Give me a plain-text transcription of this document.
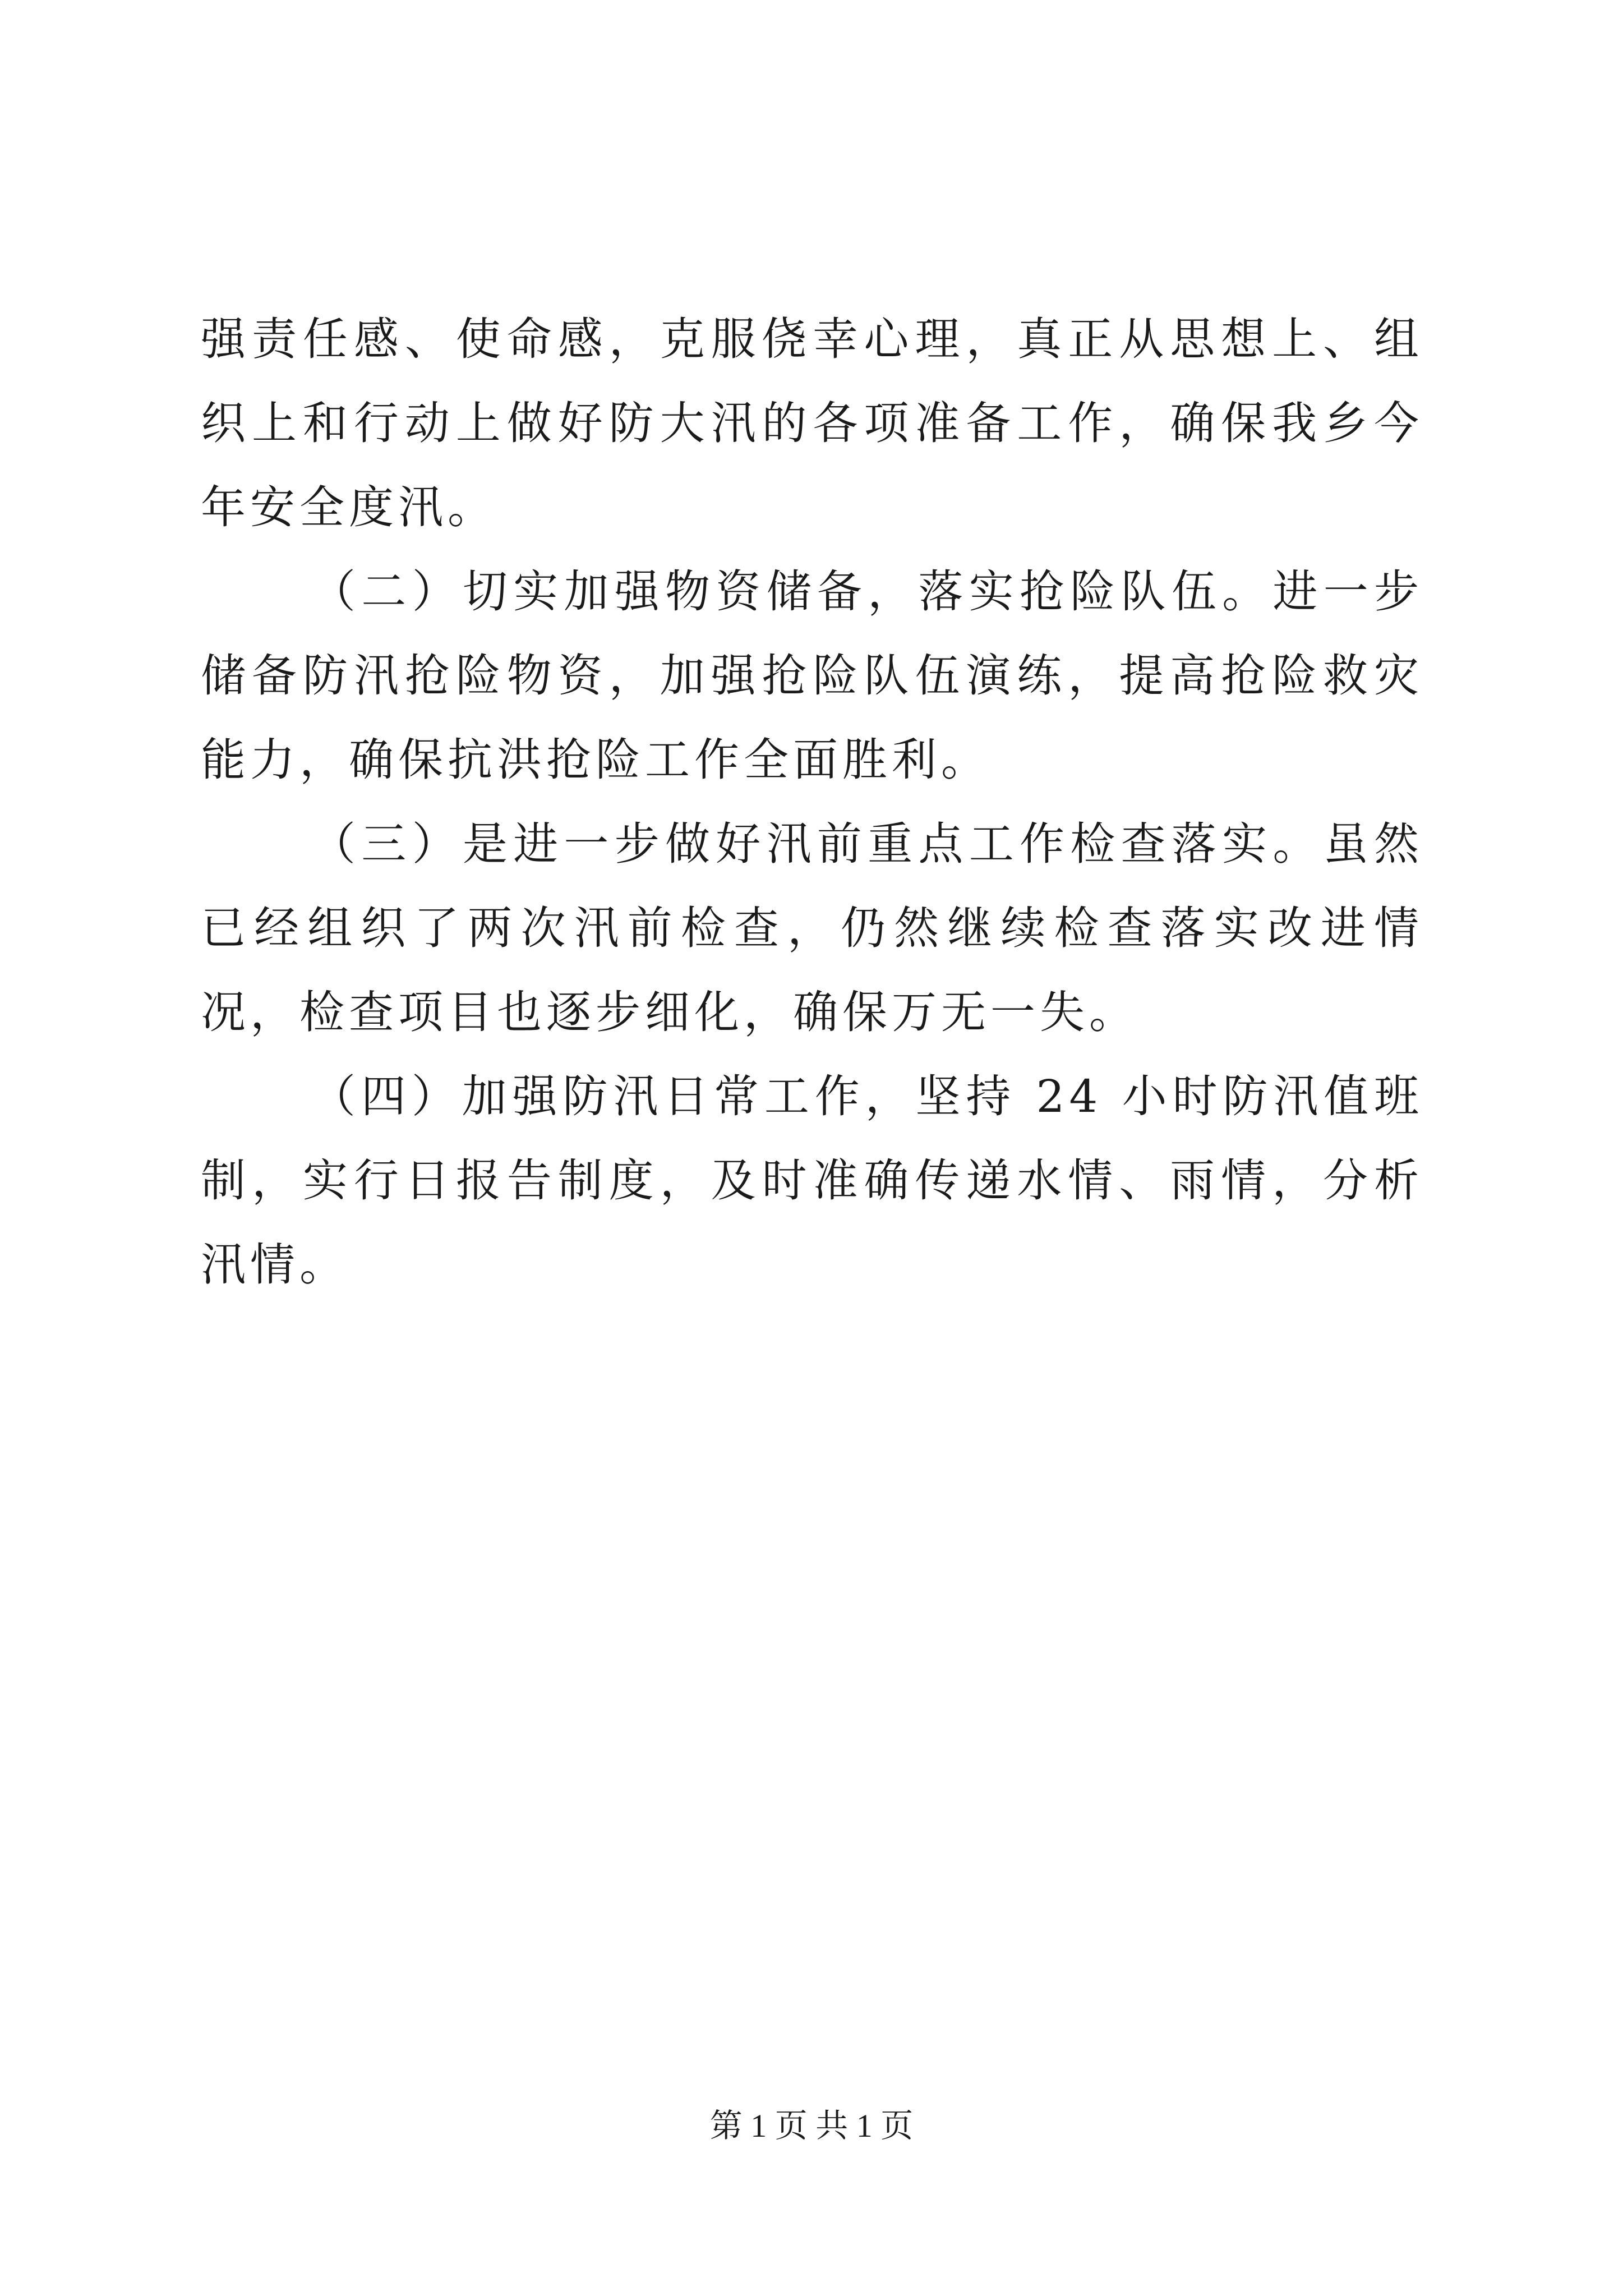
强责任感、使命感，克服侥幸心理，真正从思想上、组织上和行动上做好防大汛的各项准备工作，确保我乡今年安全度汛。

（二）切实加强物资储备，落实抢险队伍。进一步储备防汛抢险物资，加强抢险队伍演练，提高抢险救灾能力，确保抗洪抢险工作全面胜利。

（三）是进一步做好汛前重点工作检查落实。虽然已经组织了两次汛前检查，仍然继续检查落实改进情况，检查项目也逐步细化，确保万无一失。

（四）加强防汛日常工作，坚持 24 小时防汛值班制，实行日报告制度，及时准确传递水情、雨情，分析汛情。

第 1 页 共 1 页
